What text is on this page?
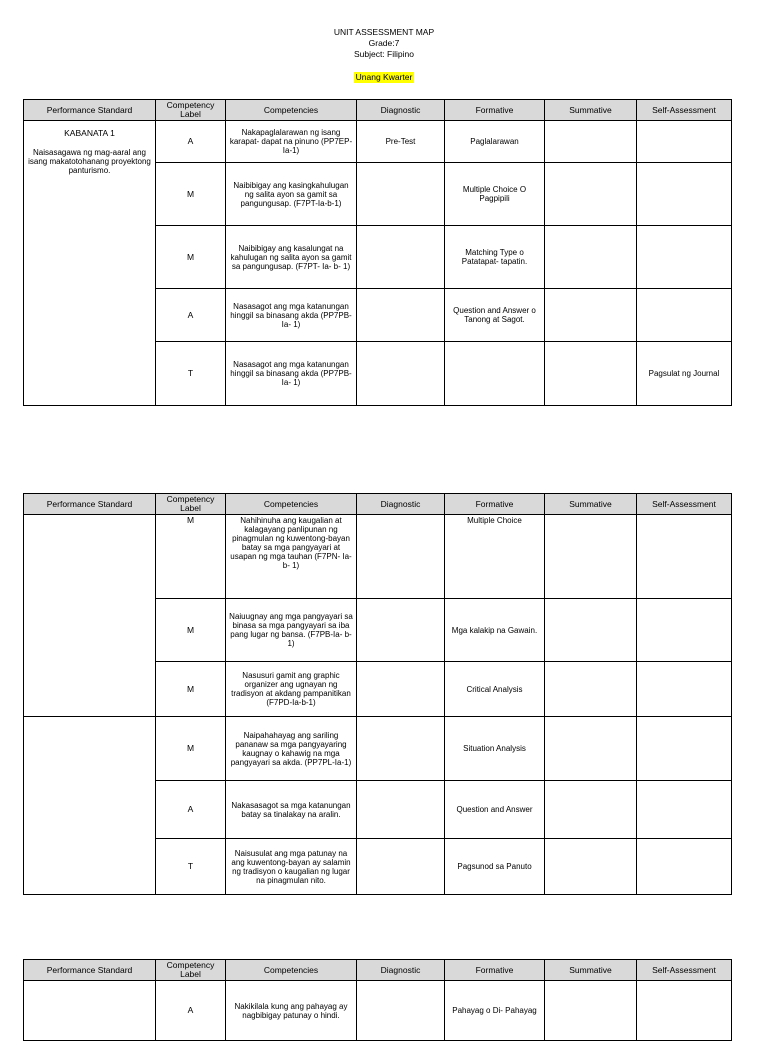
UNIT ASSESSMENT MAP
Grade:7
Subject: Filipino
Unang Kwarter
Performance Standard	Competency Label	Competencies	Diagnostic	Formative	Summative	Self-Assessment

KABANATA 1
Naisasagawa ng mag-aaral ang isang makatotohanang proyektong panturismo.	A	Nakapaglalarawan ng isang karapat- dapat na pinuno (PP7EP-Ia-1)	Pre-Test	Paglalarawan		
	M	Naibibigay ang kasingkahulugan ng salita ayon sa gamit sa pangungusap. (F7PT-Ia-b-1)		Multiple Choice O Pagpipili		
	M	Naibibigay ang kasalungat na kahulugan ng salita ayon sa gamit sa pangungusap. (F7PT- Ia- b- 1)		Matching Type o Patatapat- tapatin.		
	A	Nasasagot ang mga katanungan hinggil sa binasang akda (PP7PB- Ia- 1)		Question and Answer o Tanong at Sagot.		
	T	Nasasagot ang mga katanungan hinggil sa binasang akda (PP7PB- Ia- 1)				Pagsulat ng Journal
Performance Standard	Competency Label	Competencies	Diagnostic	Formative	Summative	Self-Assessment
	M	Nahihinuha ang kaugalian at kalagayang panlipunan ng pinagmulan ng kuwentong-bayan batay sa mga pangyayari at usapan ng mga tauhan (F7PN- Ia- b- 1)		Multiple Choice		
	M	Naiuugnay ang mga pangyayari sa binasa sa mga pangyayari sa iba pang lugar ng bansa. (F7PB-Ia- b- 1)		Mga kalakip na Gawain.		
	M	Nasusuri gamit ang graphic organizer ang ugnayan ng tradisyon at akdang pampanitikan (F7PD-Ia-b-1)		Critical Analysis		
	M	Naipahahayag ang sariling pananaw sa mga pangyayaring kaugnay o kahawig na mga pangyayari sa akda. (PP7PL-Ia-1)		Situation Analysis		
	A	Nakasasagot sa mga katanungan batay sa tinalakay na aralin.		Question and Answer		
	T	Naisusulat ang mga patunay na ang kuwentong-bayan ay salamin ng tradisyon o kaugalian ng lugar na pinagmulan nito.		Pagsunod sa Panuto		
Performance Standard	Competency Label	Competencies	Diagnostic	Formative	Summative	Self-Assessment
	A	Nakikilala kung ang pahayag ay nagbibigay patunay o hindi.		Pahayag o Di- Pahayag		
